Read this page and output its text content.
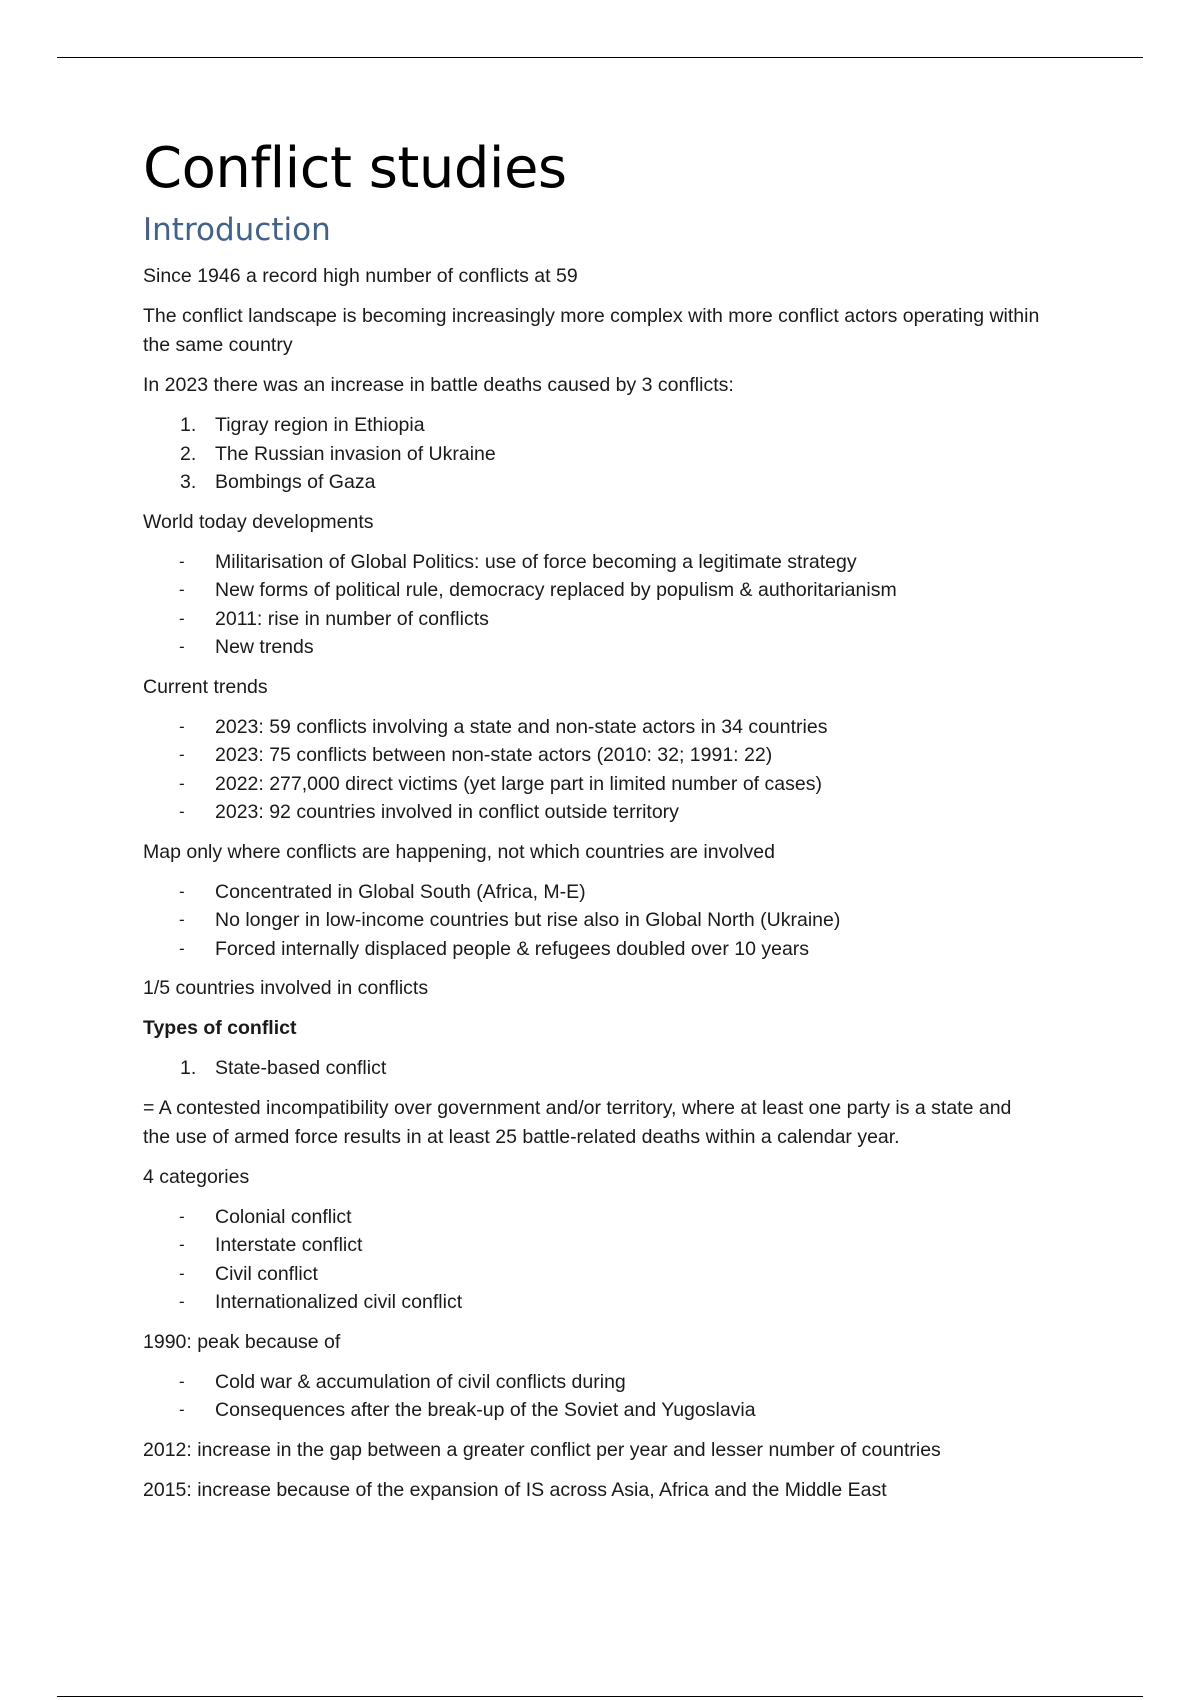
Conflict studies
Introduction

Since 1946 a record high number of conflicts at 59

The conflict landscape is becoming increasingly more complex with more conflict actors operating within the same country

In 2023 there was an increase in battle deaths caused by 3 conflicts:

1. Tigray region in Ethiopia
2. The Russian invasion of Ukraine
3. Bombings of Gaza

World today developments

- Militarisation of Global Politics: use of force becoming a legitimate strategy
- New forms of political rule, democracy replaced by populism & authoritarianism
- 2011: rise in number of conflicts
- New trends

Current trends

- 2023: 59 conflicts involving a state and non-state actors in 34 countries
- 2023: 75 conflicts between non-state actors (2010: 32; 1991: 22)
- 2022: 277,000 direct victims (yet large part in limited number of cases)
- 2023: 92 countries involved in conflict outside territory

Map only where conflicts are happening, not which countries are involved

- Concentrated in Global South (Africa, M-E)
- No longer in low-income countries but rise also in Global North (Ukraine)
- Forced internally displaced people & refugees doubled over 10 years

1/5 countries involved in conflicts

Types of conflict

1. State-based conflict

= A contested incompatibility over government and/or territory, where at least one party is a state and the use of armed force results in at least 25 battle-related deaths within a calendar year.

4 categories

- Colonial conflict
- Interstate conflict
- Civil conflict
- Internationalized civil conflict

1990: peak because of

- Cold war & accumulation of civil conflicts during
- Consequences after the break-up of the Soviet and Yugoslavia

2012: increase in the gap between a greater conflict per year and lesser number of countries

2015: increase because of the expansion of IS across Asia, Africa and the Middle East
